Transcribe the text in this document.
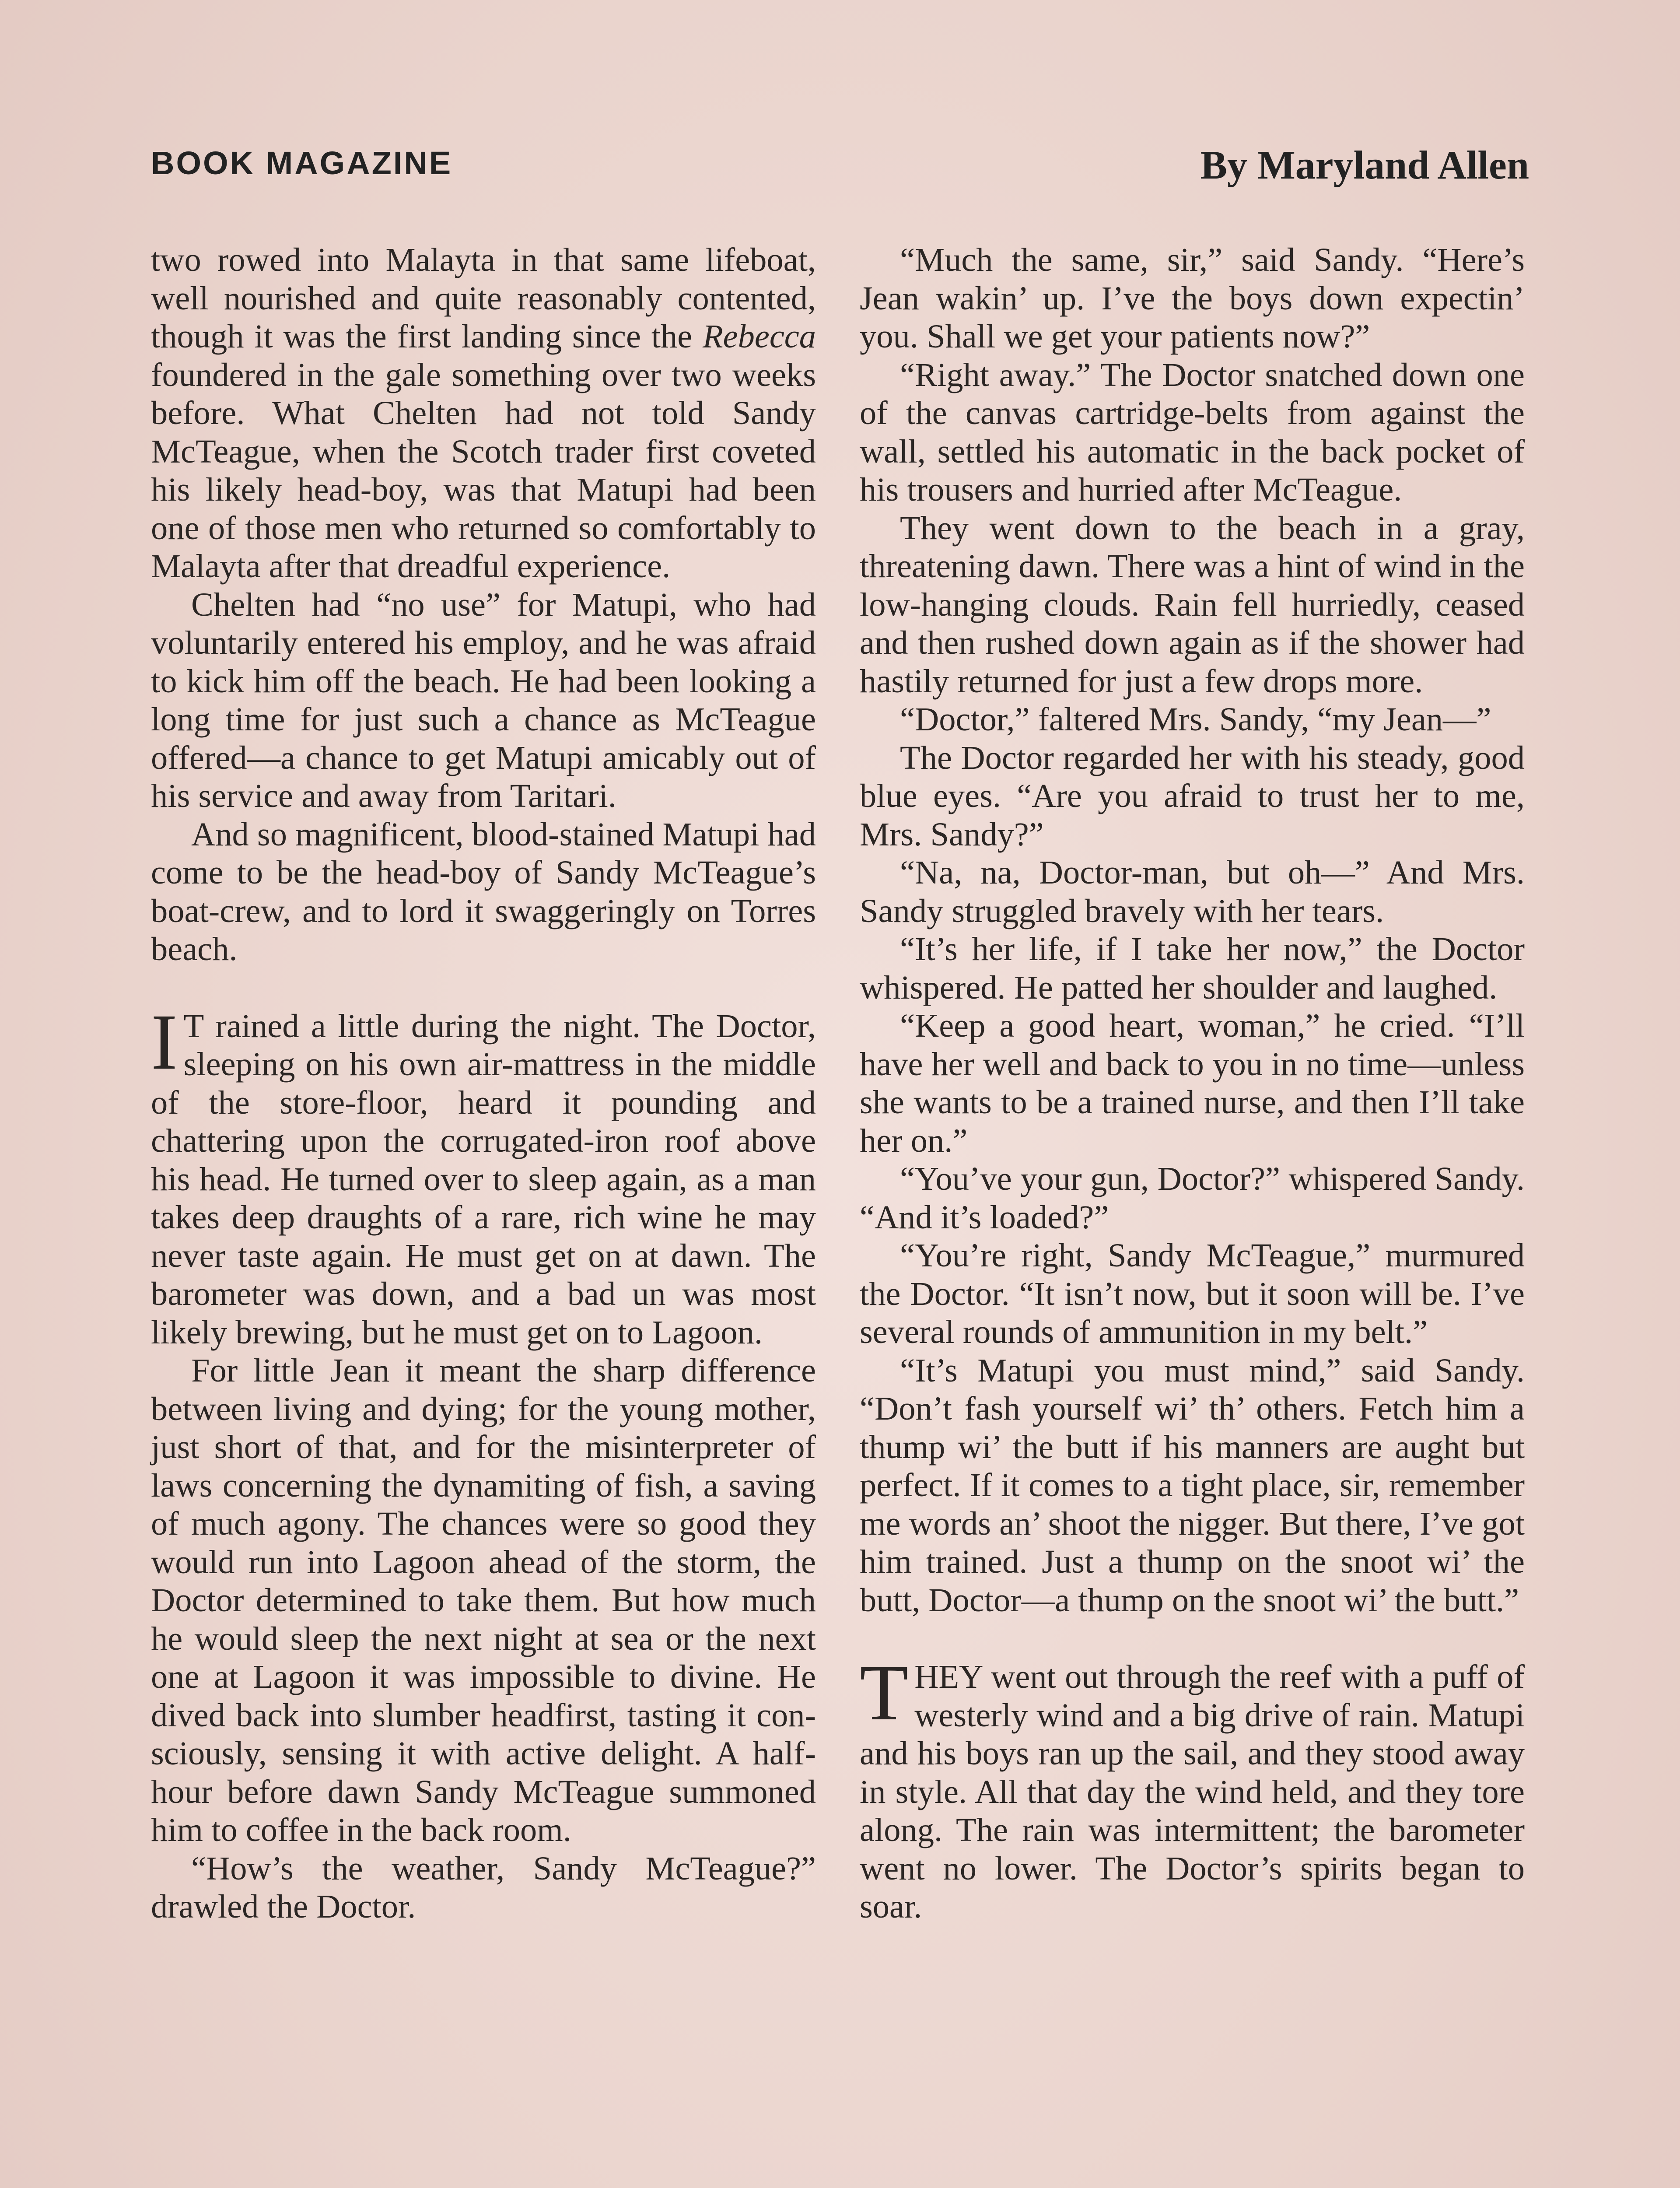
BOOK MAGAZINE	By Maryland Allen

two rowed into Malayta in that same lifeboat, well nourished and quite reasonably contented, though it was the first landing since the Rebecca foundered in the gale something over two weeks before. What Chelten had not told Sandy McTeague, when the Scotch trader first coveted his likely head-boy, was that Matupi had been one of those men who returned so comfortably to Malayta after that dreadful experience.

Chelten had “no use” for Matupi, who had voluntarily entered his employ, and he was afraid to kick him off the beach. He had been looking a long time for just such a chance as McTeague offered—a chance to get Matupi amicably out of his service and away from Taritari.

And so magnificent, blood-stained Matupi had come to be the head-boy of Sandy McTeague’s boat-crew, and to lord it swaggeringly on Torres beach.

I T rained a little during the night. The Doctor, sleeping on his own air-mattress in the middle of the store-floor, heard it pounding and chattering upon the corrugated-iron roof above his head. He turned over to sleep again, as a man takes deep draughts of a rare, rich wine he may never taste again. He must get on at dawn. The barometer was down, and a bad un was most likely brewing, but he must get on to Lagoon.

For little Jean it meant the sharp difference between living and dying; for the young mother, just short of that, and for the misinterpreter of laws concerning the dynamiting of fish, a saving of much agony. The chances were so good they would run into Lagoon ahead of the storm, the Doctor determined to take them. But how much he would sleep the next night at sea or the next one at Lagoon it was impossible to divine. He dived back into slumber headfirst, tasting it consciously, sensing it with active delight. A half-hour before dawn Sandy McTeague summoned him to coffee in the back room.

“How’s the weather, Sandy McTeague?” drawled the Doctor.

“Much the same, sir,” said Sandy. “Here’s Jean wakin’ up. I’ve the boys down expectin’ you. Shall we get your patients now?”

“Right away.” The Doctor snatched down one of the canvas cartridge-belts from against the wall, settled his automatic in the back pocket of his trousers and hurried after McTeague.

They went down to the beach in a gray, threatening dawn. There was a hint of wind in the low-hanging clouds. Rain fell hurriedly, ceased and then rushed down again as if the shower had hastily returned for just a few drops more.

“Doctor,” faltered Mrs. Sandy, “my Jean—”

The Doctor regarded her with his steady, good blue eyes. “Are you afraid to trust her to me, Mrs. Sandy?”

“Na, na, Doctor-man, but oh—” And Mrs. Sandy struggled bravely with her tears.

“It’s her life, if I take her now,” the Doctor whispered. He patted her shoulder and laughed.

“Keep a good heart, woman,” he cried. “I’ll have her well and back to you in no time—unless she wants to be a trained nurse, and then I’ll take her on.”

“You’ve your gun, Doctor?” whispered Sandy. “And it’s loaded?”

“You’re right, Sandy McTeague,” murmured the Doctor. “It isn’t now, but it soon will be. I’ve several rounds of ammunition in my belt.”

“It’s Matupi you must mind,” said Sandy. “Don’t fash yourself wi’ th’ others. Fetch him a thump wi’ the butt if his manners are aught but perfect. If it comes to a tight place, sir, remember me words an’ shoot the nigger. But there, I’ve got him trained. Just a thump on the snoot wi’ the butt, Doctor—a thump on the snoot wi’ the butt.”

THEY went out through the reef with a puff of westerly wind and a big drive of rain. Matupi and his boys ran up the sail, and they stood away in style. All that day the wind held, and they tore along. The rain was intermittent; the barometer went no lower. The Doctor’s spirits began to soar.
